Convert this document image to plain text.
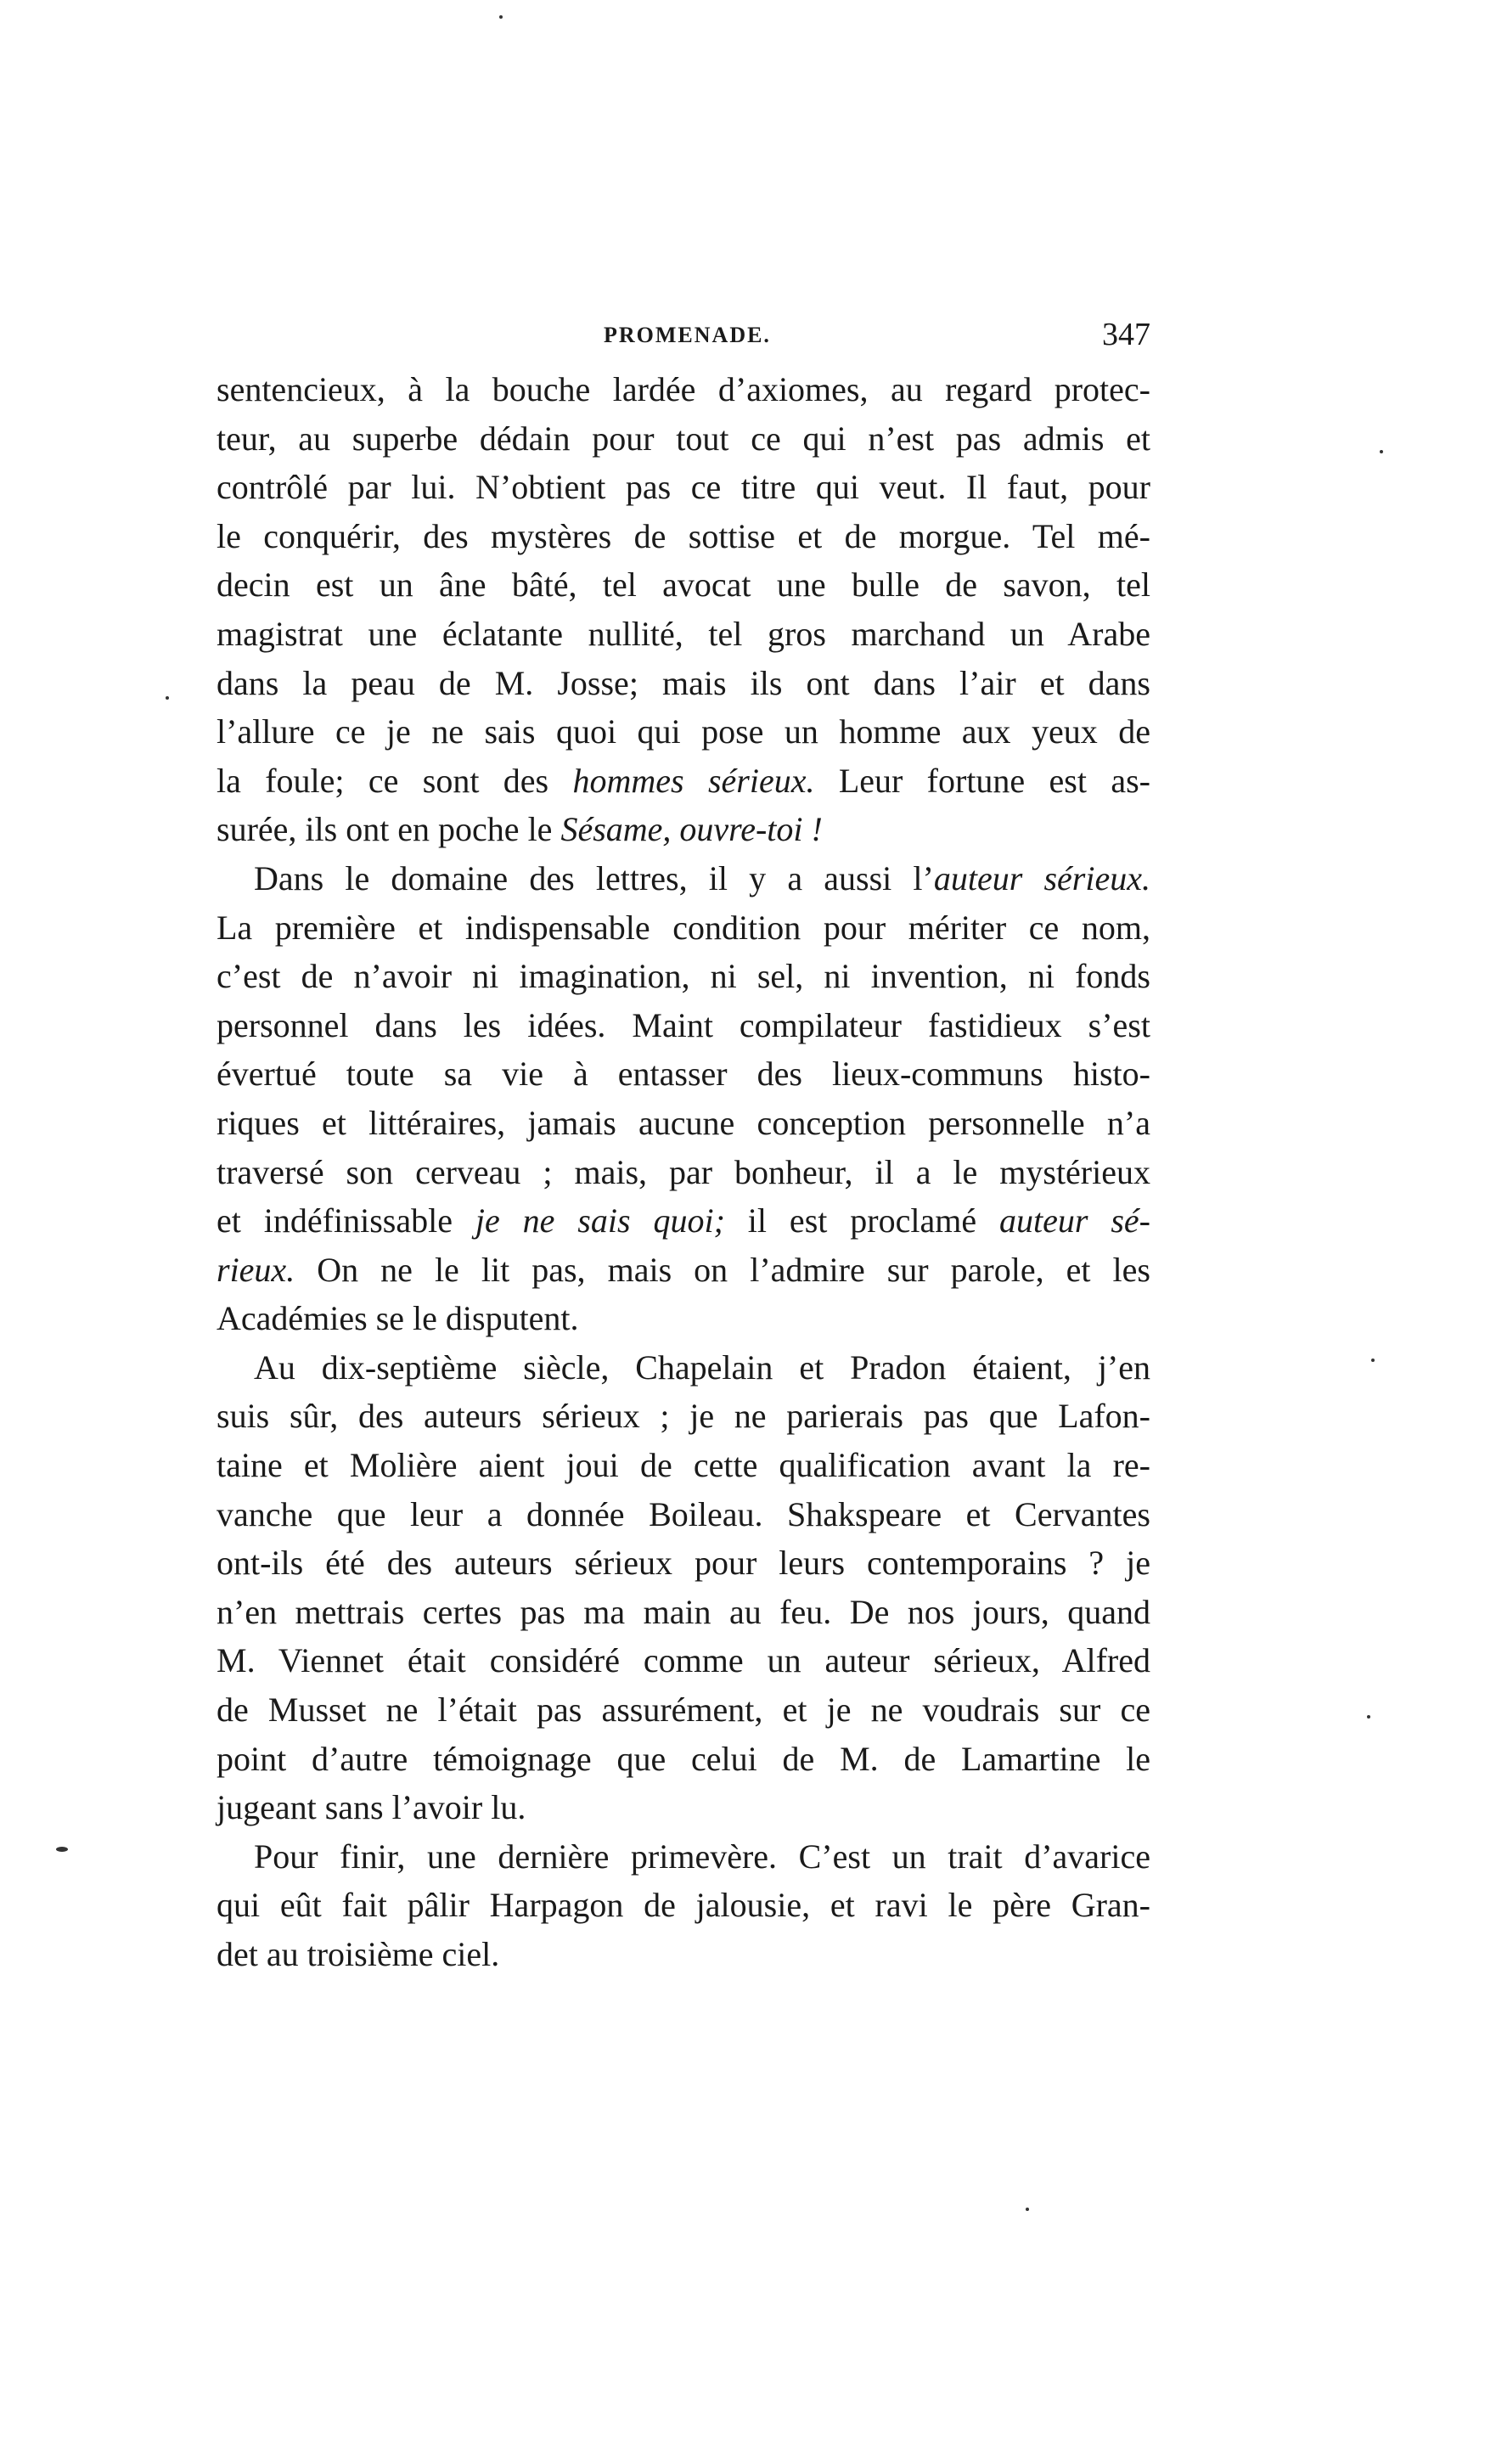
PROMENADE.	347
sentencieux, à la bouche lardée d’axiomes, au regard protec-
teur, au superbe dédain pour tout ce qui n’est pas admis et
contrôlé par lui. N’obtient pas ce titre qui veut. Il faut, pour
le conquérir, des mystères de sottise et de morgue. Tel mé-
decin est un âne bâté, tel avocat une bulle de savon, tel
magistrat une éclatante nullité, tel gros marchand un Arabe
dans la peau de M. Josse; mais ils ont dans l’air et dans
l’allure ce je ne sais quoi qui pose un homme aux yeux de
la foule; ce sont des hommes sérieux. Leur fortune est as-
surée, ils ont en poche le Sésame, ouvre-toi !
Dans le domaine des lettres, il y a aussi l’auteur sérieux.
La première et indispensable condition pour mériter ce nom,
c’est de n’avoir ni imagination, ni sel, ni invention, ni fonds
personnel dans les idées. Maint compilateur fastidieux s’est
évertué toute sa vie à entasser des lieux-communs histo-
riques et littéraires, jamais aucune conception personnelle n’a
traversé son cerveau ; mais, par bonheur, il a le mystérieux
et indéfinissable je ne sais quoi; il est proclamé auteur sé-
rieux. On ne le lit pas, mais on l’admire sur parole, et les
Académies se le disputent.
Au dix-septième siècle, Chapelain et Pradon étaient, j’en
suis sûr, des auteurs sérieux ; je ne parierais pas que Lafon-
taine et Molière aient joui de cette qualification avant la re-
vanche que leur a donnée Boileau. Shakspeare et Cervantes
ont-ils été des auteurs sérieux pour leurs contemporains ? je
n’en mettrais certes pas ma main au feu. De nos jours, quand
M. Viennet était considéré comme un auteur sérieux, Alfred
de Musset ne l’était pas assurément, et je ne voudrais sur ce
point d’autre témoignage que celui de M. de Lamartine le
jugeant sans l’avoir lu.
Pour finir, une dernière primevère. C’est un trait d’avarice
qui eût fait pâlir Harpagon de jalousie, et ravi le père Gran-
det au troisième ciel.
